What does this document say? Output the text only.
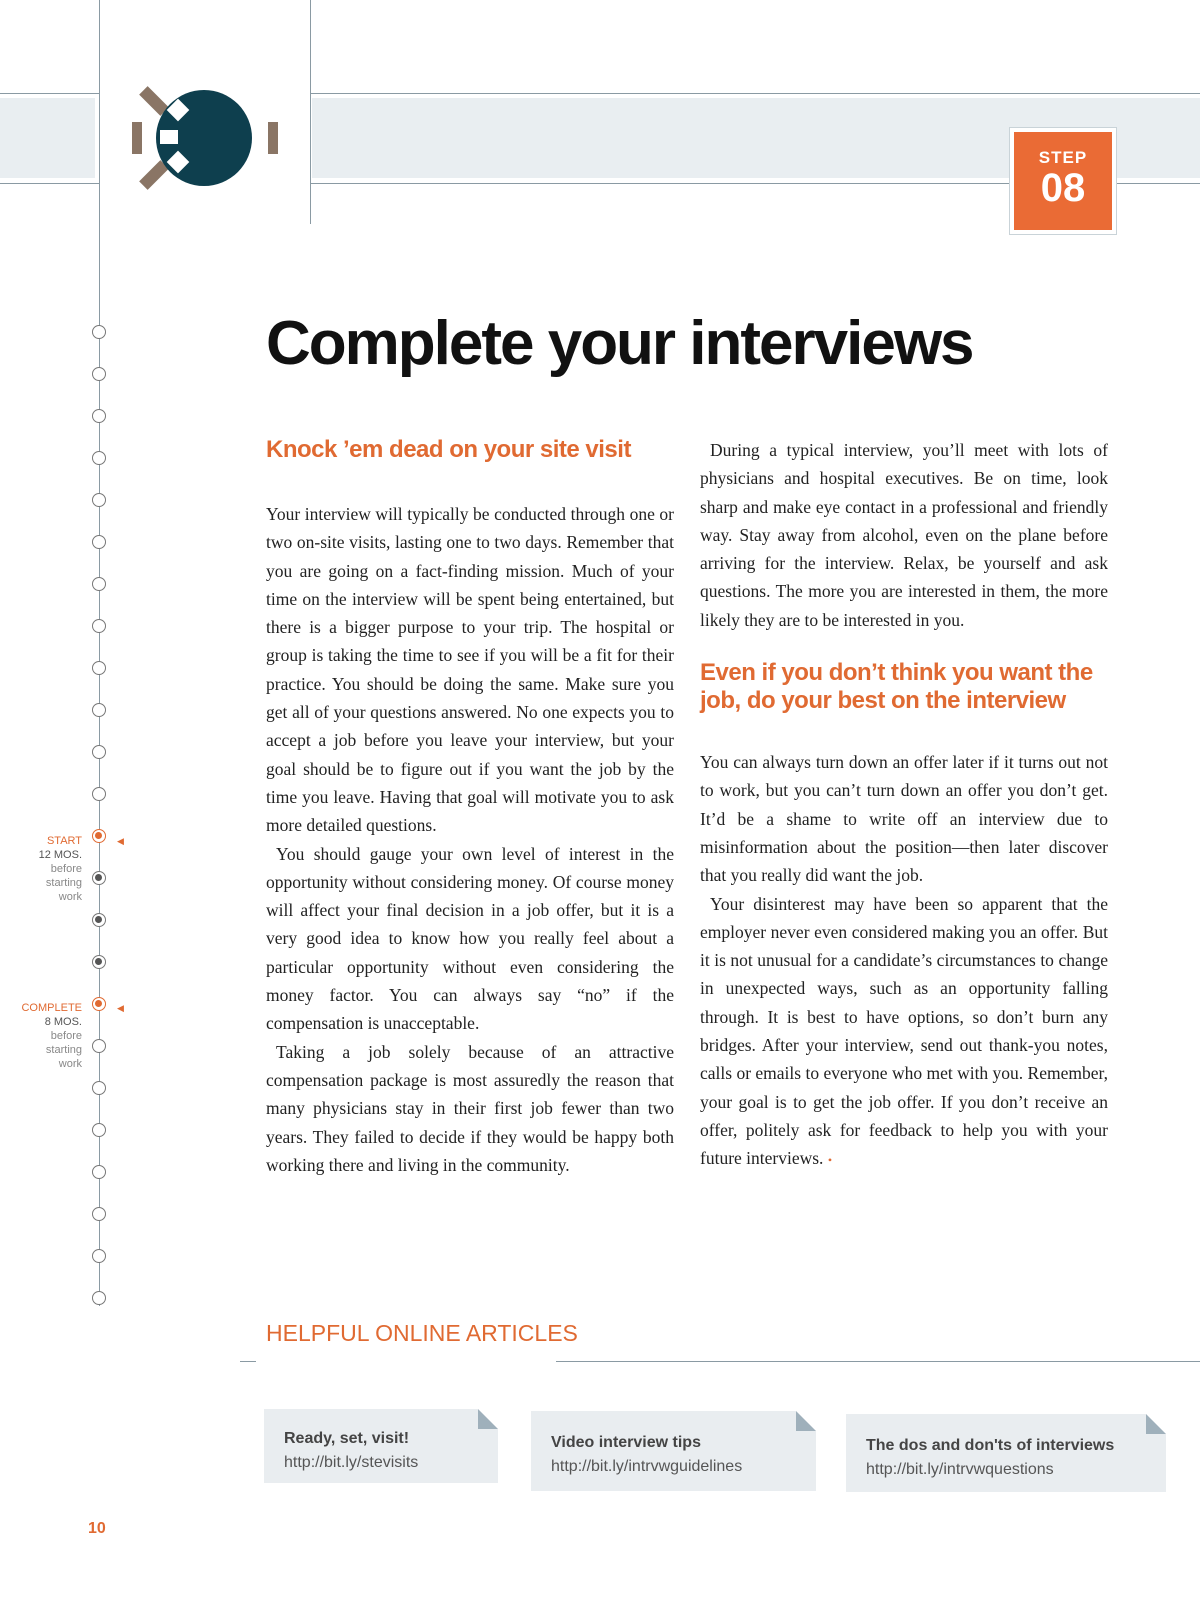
STEP
08
Complete your interviews
Knock ’em dead on your site visit

Your interview will typically be conducted through one or two on-site visits, lasting one to two days. Remember that you are going on a fact-finding mission. Much of your time on the interview will be spent being entertained, but there is a bigger purpose to your trip. The hospital or group is taking the time to see if you will be a fit for their practice. You should be doing the same. Make sure you get all of your questions answered. No one expects you to accept a job before you leave your interview, but your goal should be to figure out if you want the job by the time you leave. Having that goal will motivate you to ask more detailed questions.

You should gauge your own level of interest in the opportunity without considering money. Of course money will affect your final decision in a job offer, but it is a very good idea to know how you really feel about a particular opportunity without even considering the money factor. You can always say “no” if the compensation is unacceptable.

Taking a job solely because of an attractive compensation package is most assuredly the reason that many physicians stay in their first job fewer than two years. They failed to decide if they would be happy both working there and living in the community.

During a typical interview, you’ll meet with lots of physicians and hospital executives. Be on time, look sharp and make eye contact in a professional and friendly way. Stay away from alcohol, even on the plane before arriving for the interview. Relax, be yourself and ask questions. The more you are interested in them, the more likely they are to be interested in you.

Even if you don’t think you want the job, do your best on the interview

You can always turn down an offer later if it turns out not to work, but you can’t turn down an offer you don’t get. It’d be a shame to write off an interview due to misinformation about the position—then later discover that you really did want the job.

Your disinterest may have been so apparent that the employer never even considered making you an offer. But it is not unusual for a candidate’s circumstances to change in unexpected ways, such as an opportunity falling through. It is best to have options, so don’t burn any bridges. After your interview, send out thank-you notes, calls or emails to everyone who met with you. Remember, your goal is to get the job offer. If you don’t receive an offer, politely ask for feedback to help you with your future interviews. •

◀
◀
START
12 MOS.
before
starting
work
COMPLETE
8 MOS.
before
starting
work
HELPFUL ONLINE ARTICLES
Ready, set, visit!
http://bit.ly/stevisits
Video interview tips
http://bit.ly/intrvwguidelines
The dos and don'ts of interviews
http://bit.ly/intrvwquestions
10
